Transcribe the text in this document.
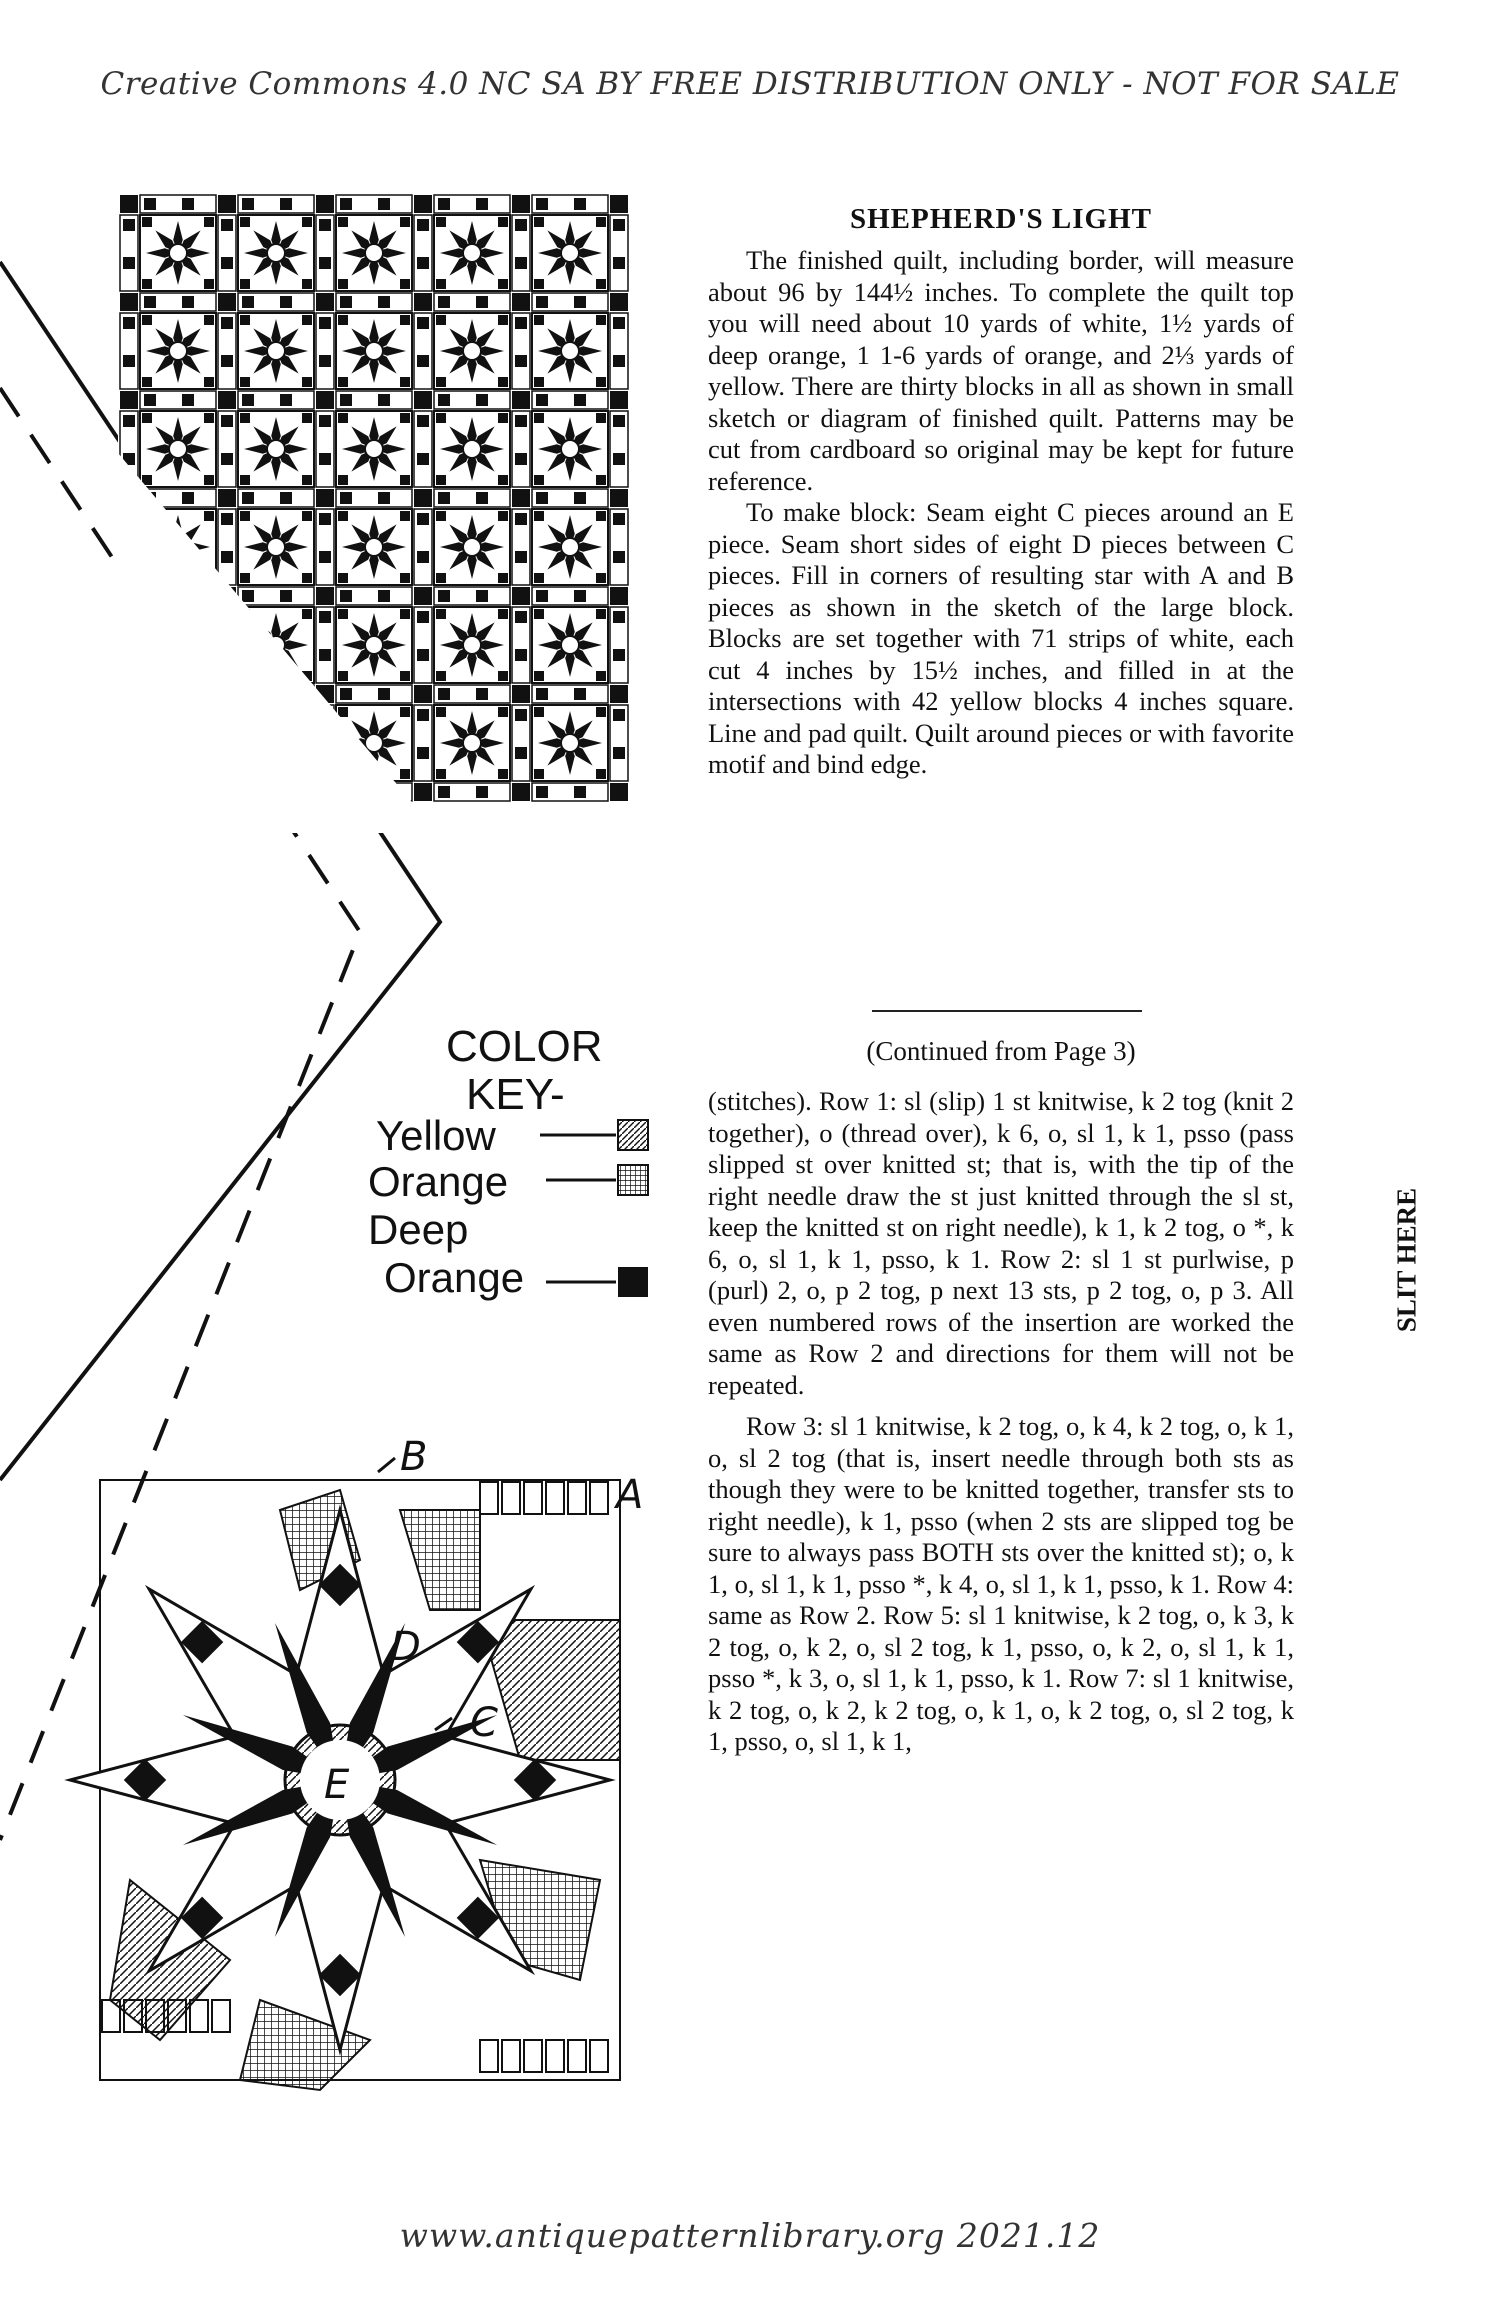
Creative Commons 4.0 NC SA BY FREE DISTRIBUTION ONLY - NOT FOR SALE
SHEPHERD'S LIGHT

The finished quilt, including border, will measure about 96 by 144½ inches. To complete the quilt top you will need about 10 yards of white, 1½ yards of deep orange, 1 1-6 yards of orange, and 2⅓ yards of yellow. There are thirty blocks in all as shown in small sketch or diagram of finished quilt. Patterns may be cut from cardboard so original may be kept for future reference.

To make block: Seam eight C pieces around an E piece. Seam short sides of eight D pieces between C pieces. Fill in corners of resulting star with A and B pieces as shown in the sketch of the large block. Blocks are set together with 71 strips of white, each cut 4 inches by 15½ inches, and filled in at the intersections with 42 yellow blocks 4 inches square. Line and pad quilt. Quilt around pieces or with favorite motif and bind edge.

(Continued from Page 3)

(stitches). Row 1: sl (slip) 1 st knitwise, k 2 tog (knit 2 together), o (thread over), k 6, o, sl 1, k 1, psso (pass slipped st over knitted st; that is, with the tip of the right needle draw the st just knitted through the sl st, keep the knitted st on right needle), k 1, k 2 tog, o *, k 6, o, sl 1, k 1, psso, k 1. Row 2: sl 1 st purlwise, p (purl) 2, o, p 2 tog, p next 13 sts, p 2 tog, o, p 3. All even numbered rows of the insertion are worked the same as Row 2 and directions for them will not be repeated.

Row 3: sl 1 knitwise, k 2 tog, o, k 4, k 2 tog, o, k 1, o, sl 2 tog (that is, insert needle through both sts as though they were to be knitted together, transfer sts to right needle), k 1, psso (when 2 sts are slipped tog be sure to always pass BOTH sts over the knitted st); o, k 1, o, sl 1, k 1, psso *, k 4, o, sl 1, k 1, psso, k 1. Row 4: same as Row 2. Row 5: sl 1 knitwise, k 2 tog, o, k 3, k 2 tog, o, k 2, o, sl 2 tog, k 1, psso, o, k 2, o, sl 1, k 1, psso *, k 3, o, sl 1, k 1, psso, k 1. Row 7: sl 1 knitwise, k 2 tog, o, k 2, k 2 tog, o, k 1, o, k 2 tog, o, sl 2 tog, k 1, psso, o, sl 1, k 1,

COLOR
KEY-
Yellow
Orange
Deep
Orange
E
D
C
B
A
SLIT HERE
www.antiquepatternlibrary.org 2021.12
